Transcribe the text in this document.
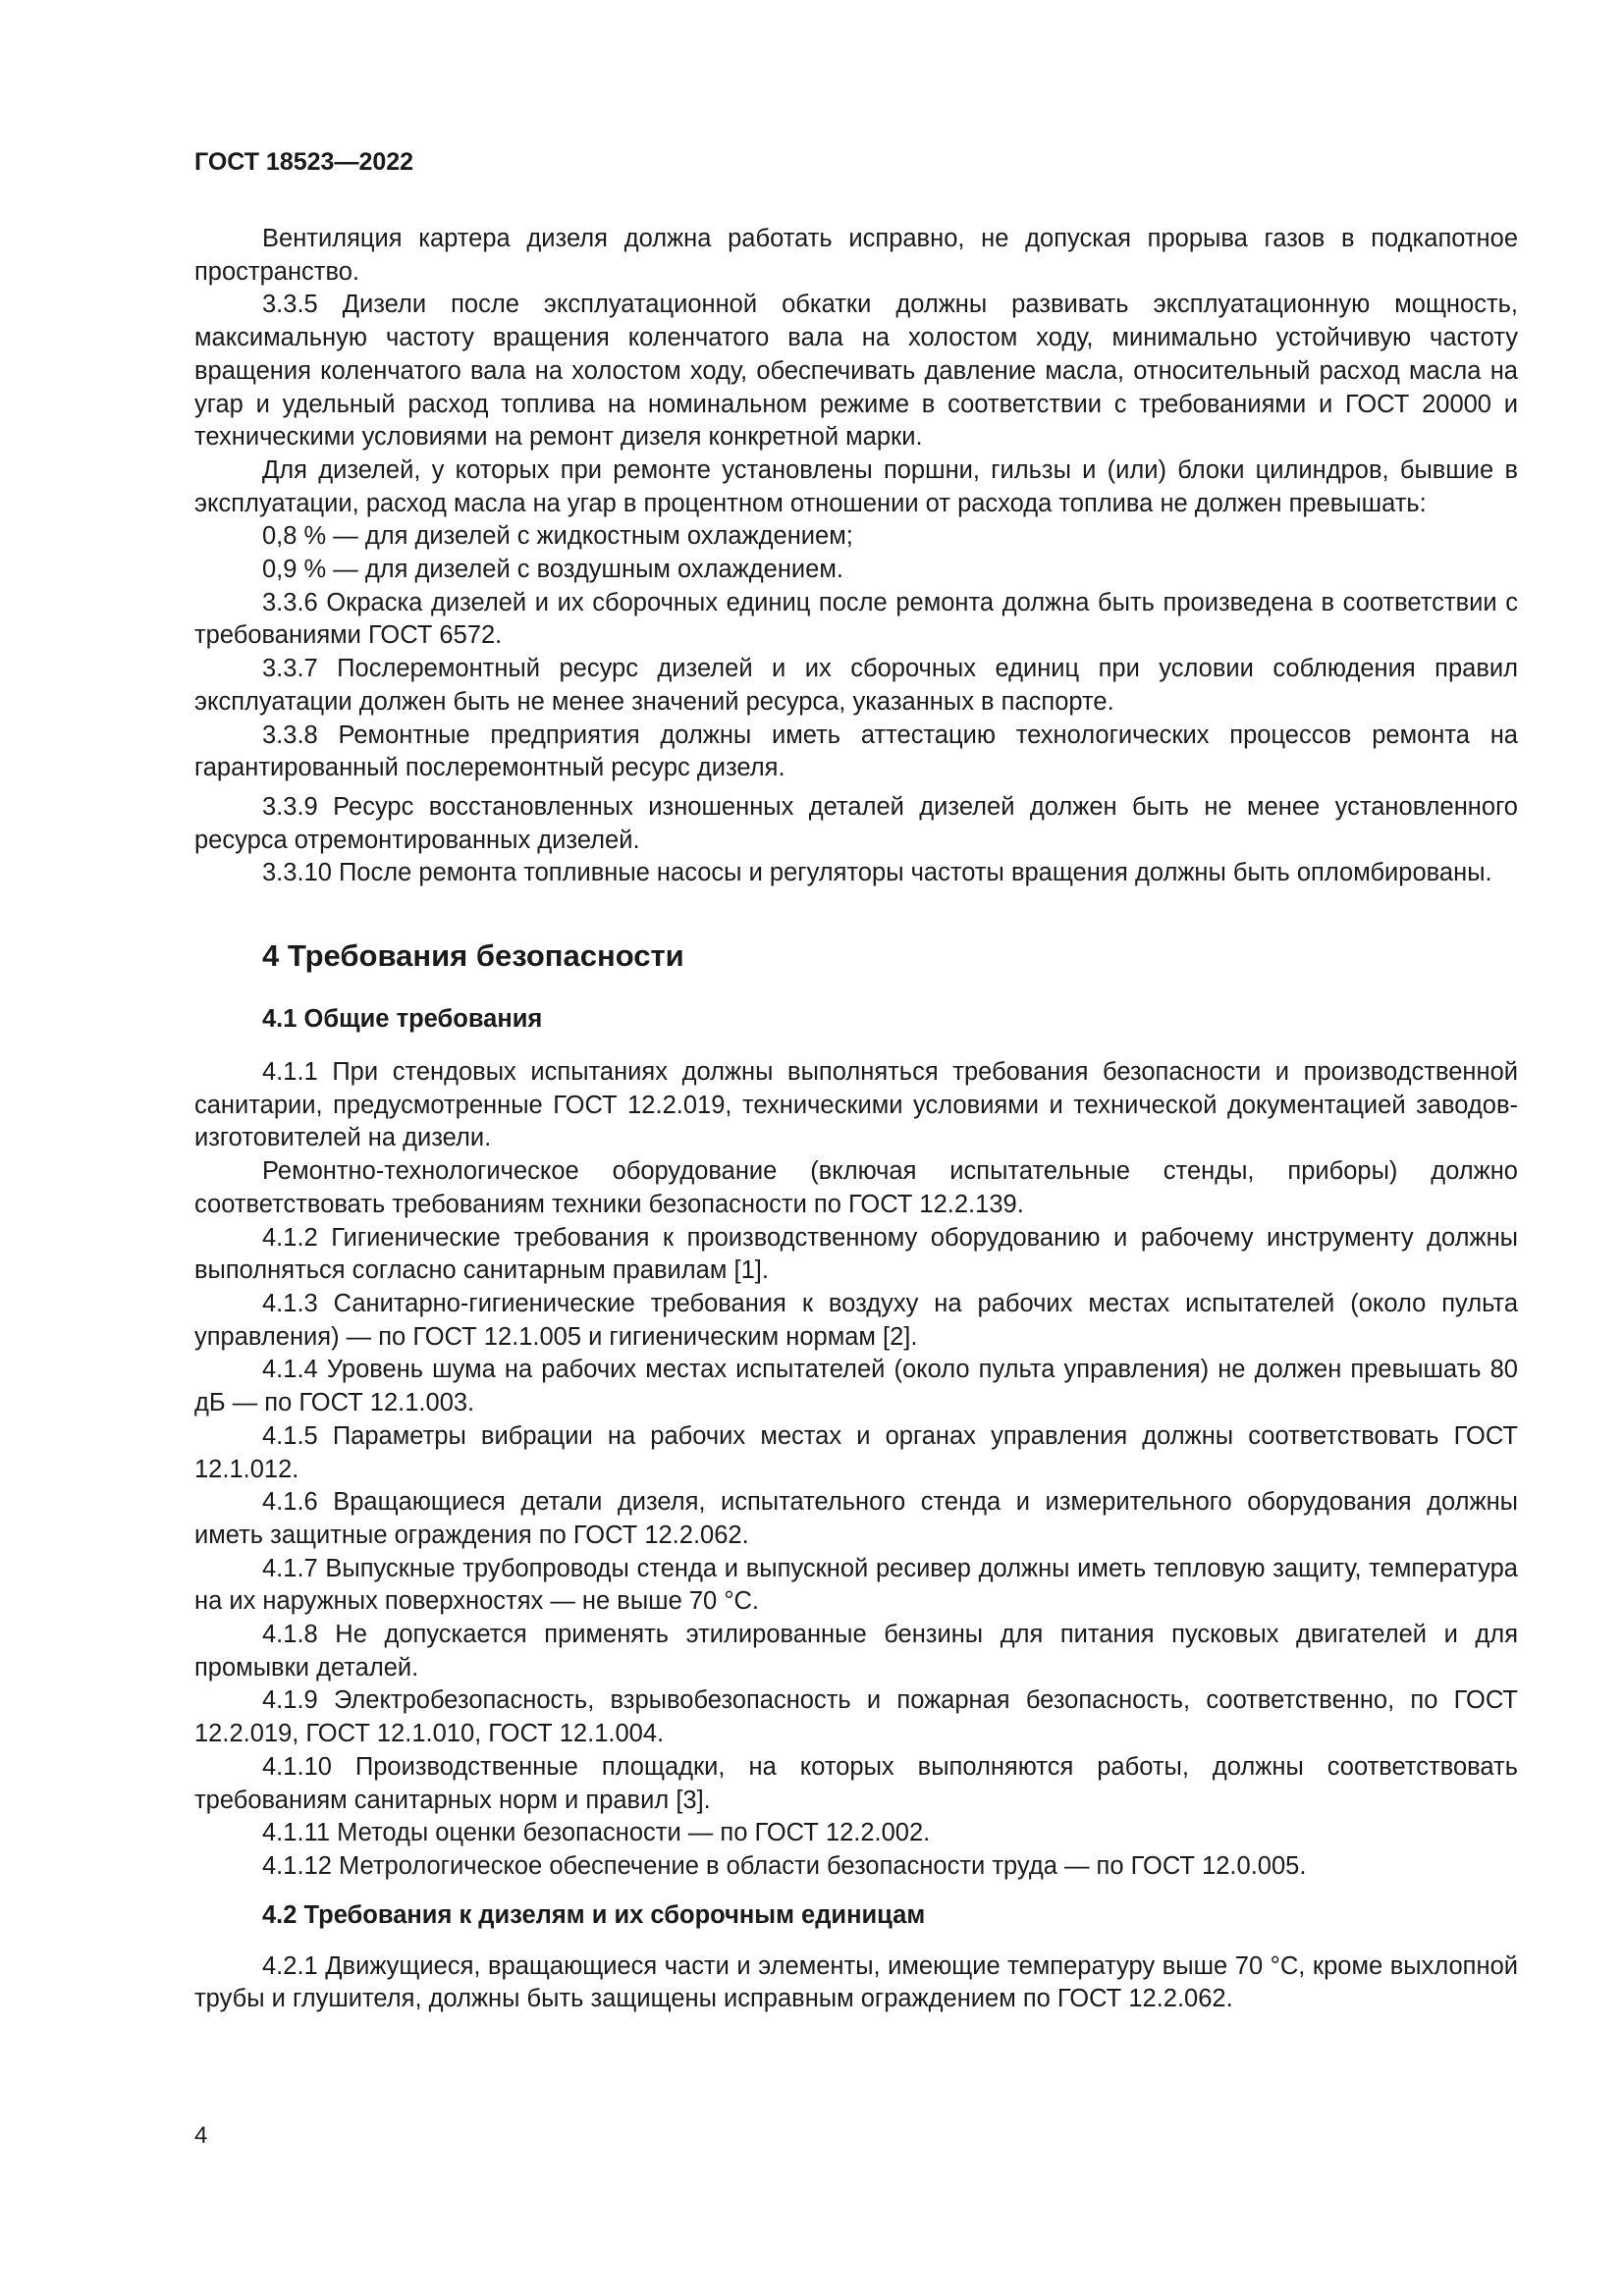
ГОСТ 18523—2022

Вентиляция картера дизеля должна работать исправно, не допуская прорыва газов в подкапотное пространство.

3.3.5 Дизели после эксплуатационной обкатки должны развивать эксплуатационную мощность, максимальную частоту вращения коленчатого вала на холостом ходу, минимально устойчивую частоту вращения коленчатого вала на холостом ходу, обеспечивать давление масла, относительный расход масла на угар и удельный расход топлива на номинальном режиме в соответствии с требованиями и ГОСТ 20000 и техническими условиями на ремонт дизеля конкретной марки.

Для дизелей, у которых при ремонте установлены поршни, гильзы и (или) блоки цилиндров, бывшие в эксплуатации, расход масла на угар в процентном отношении от расхода топлива не должен превышать:

0,8 % — для дизелей с жидкостным охлаждением;

0,9 % — для дизелей с воздушным охлаждением.

3.3.6 Окраска дизелей и их сборочных единиц после ремонта должна быть произведена в соответствии с требованиями ГОСТ 6572.

3.3.7 Послеремонтный ресурс дизелей и их сборочных единиц при условии соблюдения правил эксплуатации должен быть не менее значений ресурса, указанных в паспорте.

3.3.8 Ремонтные предприятия должны иметь аттестацию технологических процессов ремонта на гарантированный послеремонтный ресурс дизеля.

3.3.9 Ресурс восстановленных изношенных деталей дизелей должен быть не менее установленного ресурса отремонтированных дизелей.

3.3.10 После ремонта топливные насосы и регуляторы частоты вращения должны быть опломбированы.

4 Требования безопасности
4.1 Общие требования

4.1.1 При стендовых испытаниях должны выполняться требования безопасности и производственной санитарии, предусмотренные ГОСТ 12.2.019, техническими условиями и технической документацией заводов-изготовителей на дизели.

Ремонтно-технологическое оборудование (включая испытательные стенды, приборы) должно соответствовать требованиям техники безопасности по ГОСТ 12.2.139.

4.1.2 Гигиенические требования к производственному оборудованию и рабочему инструменту должны выполняться согласно санитарным правилам [1].

4.1.3 Санитарно-гигиенические требования к воздуху на рабочих местах испытателей (около пульта управления) — по ГОСТ 12.1.005 и гигиеническим нормам [2].

4.1.4 Уровень шума на рабочих местах испытателей (около пульта управления) не должен превышать 80 дБ — по ГОСТ 12.1.003.

4.1.5 Параметры вибрации на рабочих местах и органах управления должны соответствовать ГОСТ 12.1.012.

4.1.6 Вращающиеся детали дизеля, испытательного стенда и измерительного оборудования должны иметь защитные ограждения по ГОСТ 12.2.062.

4.1.7 Выпускные трубопроводы стенда и выпускной ресивер должны иметь тепловую защиту, температура на их наружных поверхностях — не выше 70 °С.

4.1.8 Не допускается применять этилированные бензины для питания пусковых двигателей и для промывки деталей.

4.1.9 Электробезопасность, взрывобезопасность и пожарная безопасность, соответственно, по ГОСТ 12.2.019, ГОСТ 12.1.010, ГОСТ 12.1.004.

4.1.10 Производственные площадки, на которых выполняются работы, должны соответствовать требованиям санитарных норм и правил [3].

4.1.11 Методы оценки безопасности — по ГОСТ 12.2.002.

4.1.12 Метрологическое обеспечение в области безопасности труда — по ГОСТ 12.0.005.

4.2 Требования к дизелям и их сборочным единицам

4.2.1 Движущиеся, вращающиеся части и элементы, имеющие температуру выше 70 °С, кроме выхлопной трубы и глушителя, должны быть защищены исправным ограждением по ГОСТ 12.2.062.

4
